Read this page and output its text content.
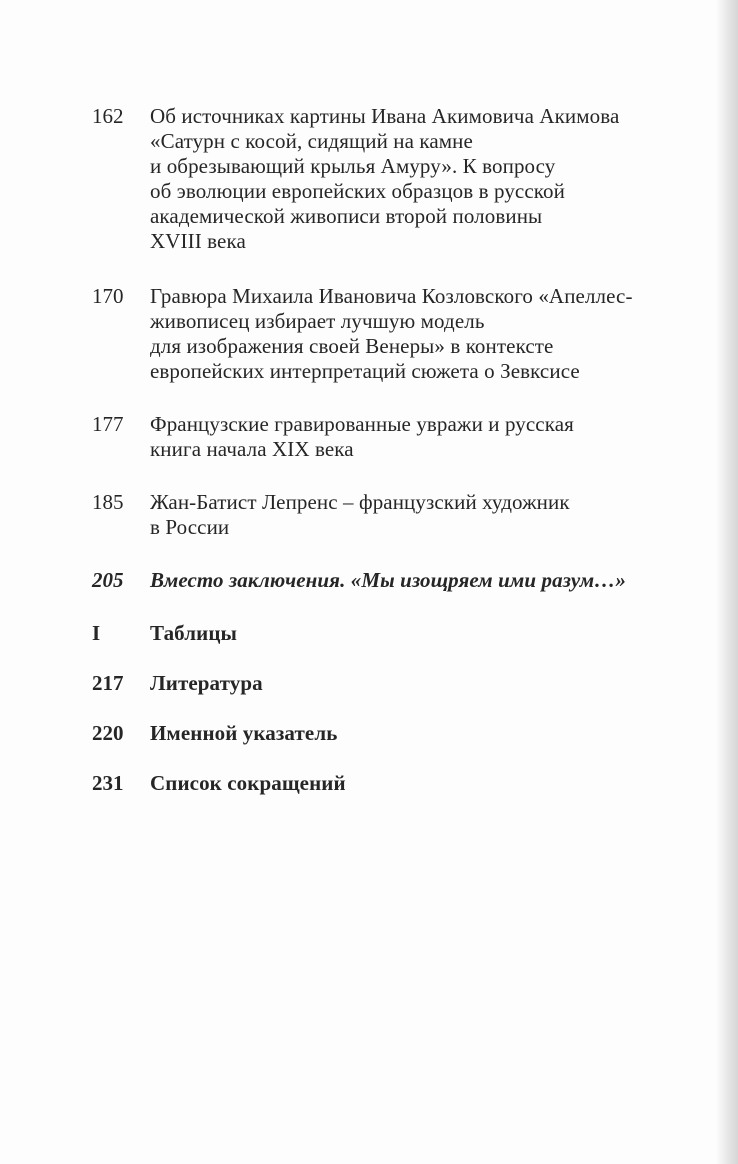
162	Об источниках картины Ивана Акимовича Акимова
«Сатурн с косой, сидящий на камне
и обрезывающий крылья Амуру». К вопросу
об эволюции европейских образцов в русской
академической живописи второй половины
XVIII века
170	Гравюра Михаила Ивановича Козловского «Апеллес-
живописец избирает лучшую модель
для изображения своей Венеры» в контексте
европейских интерпретаций сюжета о Зевксисе
177	Французские гравированные увражи и русская
книга начала XIX века
185	Жан-Батист Лепренс – французский художник
в России
205	Вместо заключения. «Мы изощряем ими разум…»
I	Таблицы
217	Литература
220	Именной указатель
231	Список сокращений
